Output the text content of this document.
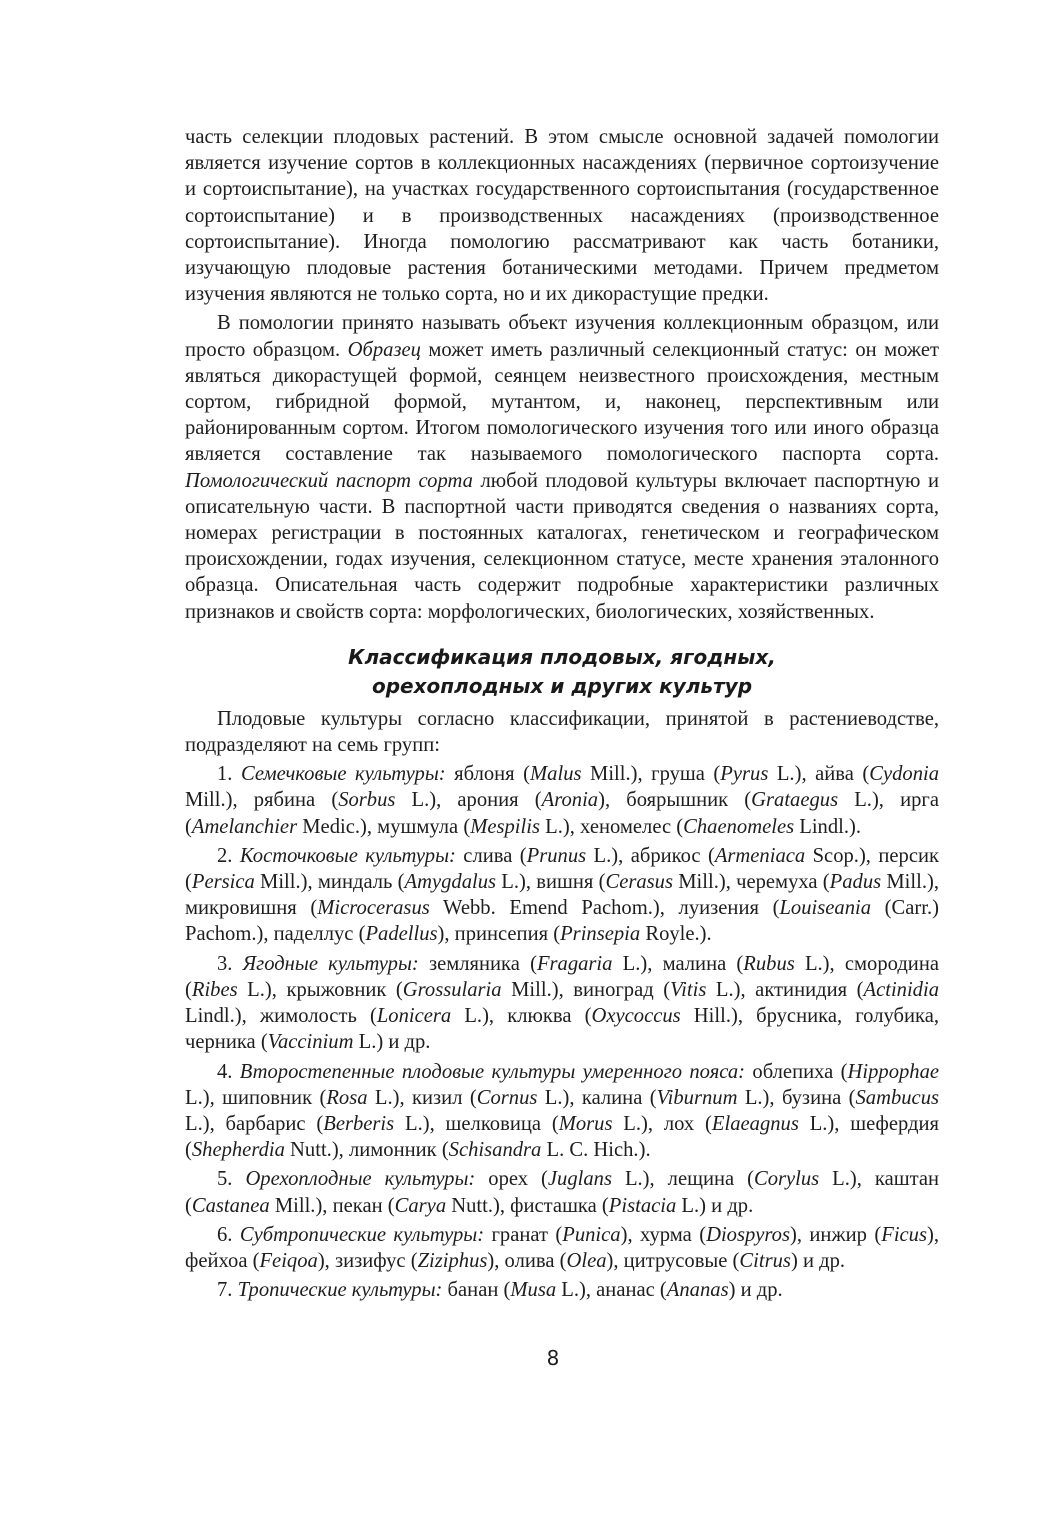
часть селекции плодовых растений. В этом смысле основной задачей помологии является изучение сортов в коллекционных насаждениях (первичное сортоизучение и сортоиспытание), на участках государственного сортоиспытания (государственное сортоиспытание) и в производственных насаждениях (производственное сортоиспытание). Иногда помологию рассматривают как часть ботаники, изучающую плодовые растения ботаническими методами. Причем предметом изучения являются не только сорта, но и их дикорастущие предки.

В помологии принято называть объект изучения коллекционным образцом, или просто образцом. Образец может иметь различный селекционный статус: он может являться дикорастущей формой, сеянцем неизвестного происхождения, местным сортом, гибридной формой, мутантом, и, наконец, перспективным или районированным сортом. Итогом помологического изучения того или иного образца является составление так называемого помологического паспорта сорта. Помологический паспорт сорта любой плодовой культуры включает паспортную и описательную части. В паспортной части приводятся сведения о названиях сорта, номерах регистрации в постоянных каталогах, генетическом и географическом происхождении, годах изучения, селекционном статусе, месте хранения эталонного образца. Описательная часть содержит подробные характеристики различных признаков и свойств сорта: морфологических, биологических, хозяйственных.

Классификация плодовых, ягодных,
орехоплодных и других культур

Плодовые культуры согласно классификации, принятой в растениеводстве, подразделяют на семь групп:

1. Семечковые культуры: яблоня (Malus Mill.), груша (Pyrus L.), айва (Cydonia Mill.), рябина (Sorbus L.), арония (Aronia), боярышник (Grataegus L.), ирга (Amelanchier Medic.), мушмула (Mespilis L.), хеномелес (Chaenomeles Lindl.).

2. Косточковые культуры: слива (Prunus L.), абрикос (Armeniaca Scop.), персик (Persica Mill.), миндаль (Amygdalus L.), вишня (Cerasus Mill.), черемуха (Padus Mill.), микровишня (Microcerasus Webb. Emend Pachom.), луизения (Louiseania (Carr.) Pachom.), паделлус (Padellus), принсепия (Prinsepia Royle.).

3. Ягодные культуры: земляника (Fragaria L.), малина (Rubus L.), смородина (Ribes L.), крыжовник (Grossularia Mill.), виноград (Vitis L.), актинидия (Actinidia Lindl.), жимолость (Lonicera L.), клюква (Oxycoccus Hill.), брусника, голубика, черника (Vaccinium L.) и др.

4. Второстепенные плодовые культуры умеренного пояса: облепиха (Hippophae L.), шиповник (Rosa L.), кизил (Cornus L.), калина (Viburnum L.), бузина (Sambucus L.), барбарис (Berberis L.), шелковица (Morus L.), лох (Elaeagnus L.), шефердия (Shepherdia Nutt.), лимонник (Schisandra L. C. Hich.).

5. Орехоплодные культуры: орех (Juglans L.), лещина (Corylus L.), каштан (Castanea Mill.), пекан (Carya Nutt.), фисташка (Pistacia L.) и др.

6. Субтропические культуры: гранат (Punica), хурма (Diospyros), инжир (Ficus), фейхоа (Feiqoa), зизифус (Ziziphus), олива (Olea), цитрусовые (Citrus) и др.

7. Тропические культуры: банан (Musa L.), ананас (Ananas) и др.

8
